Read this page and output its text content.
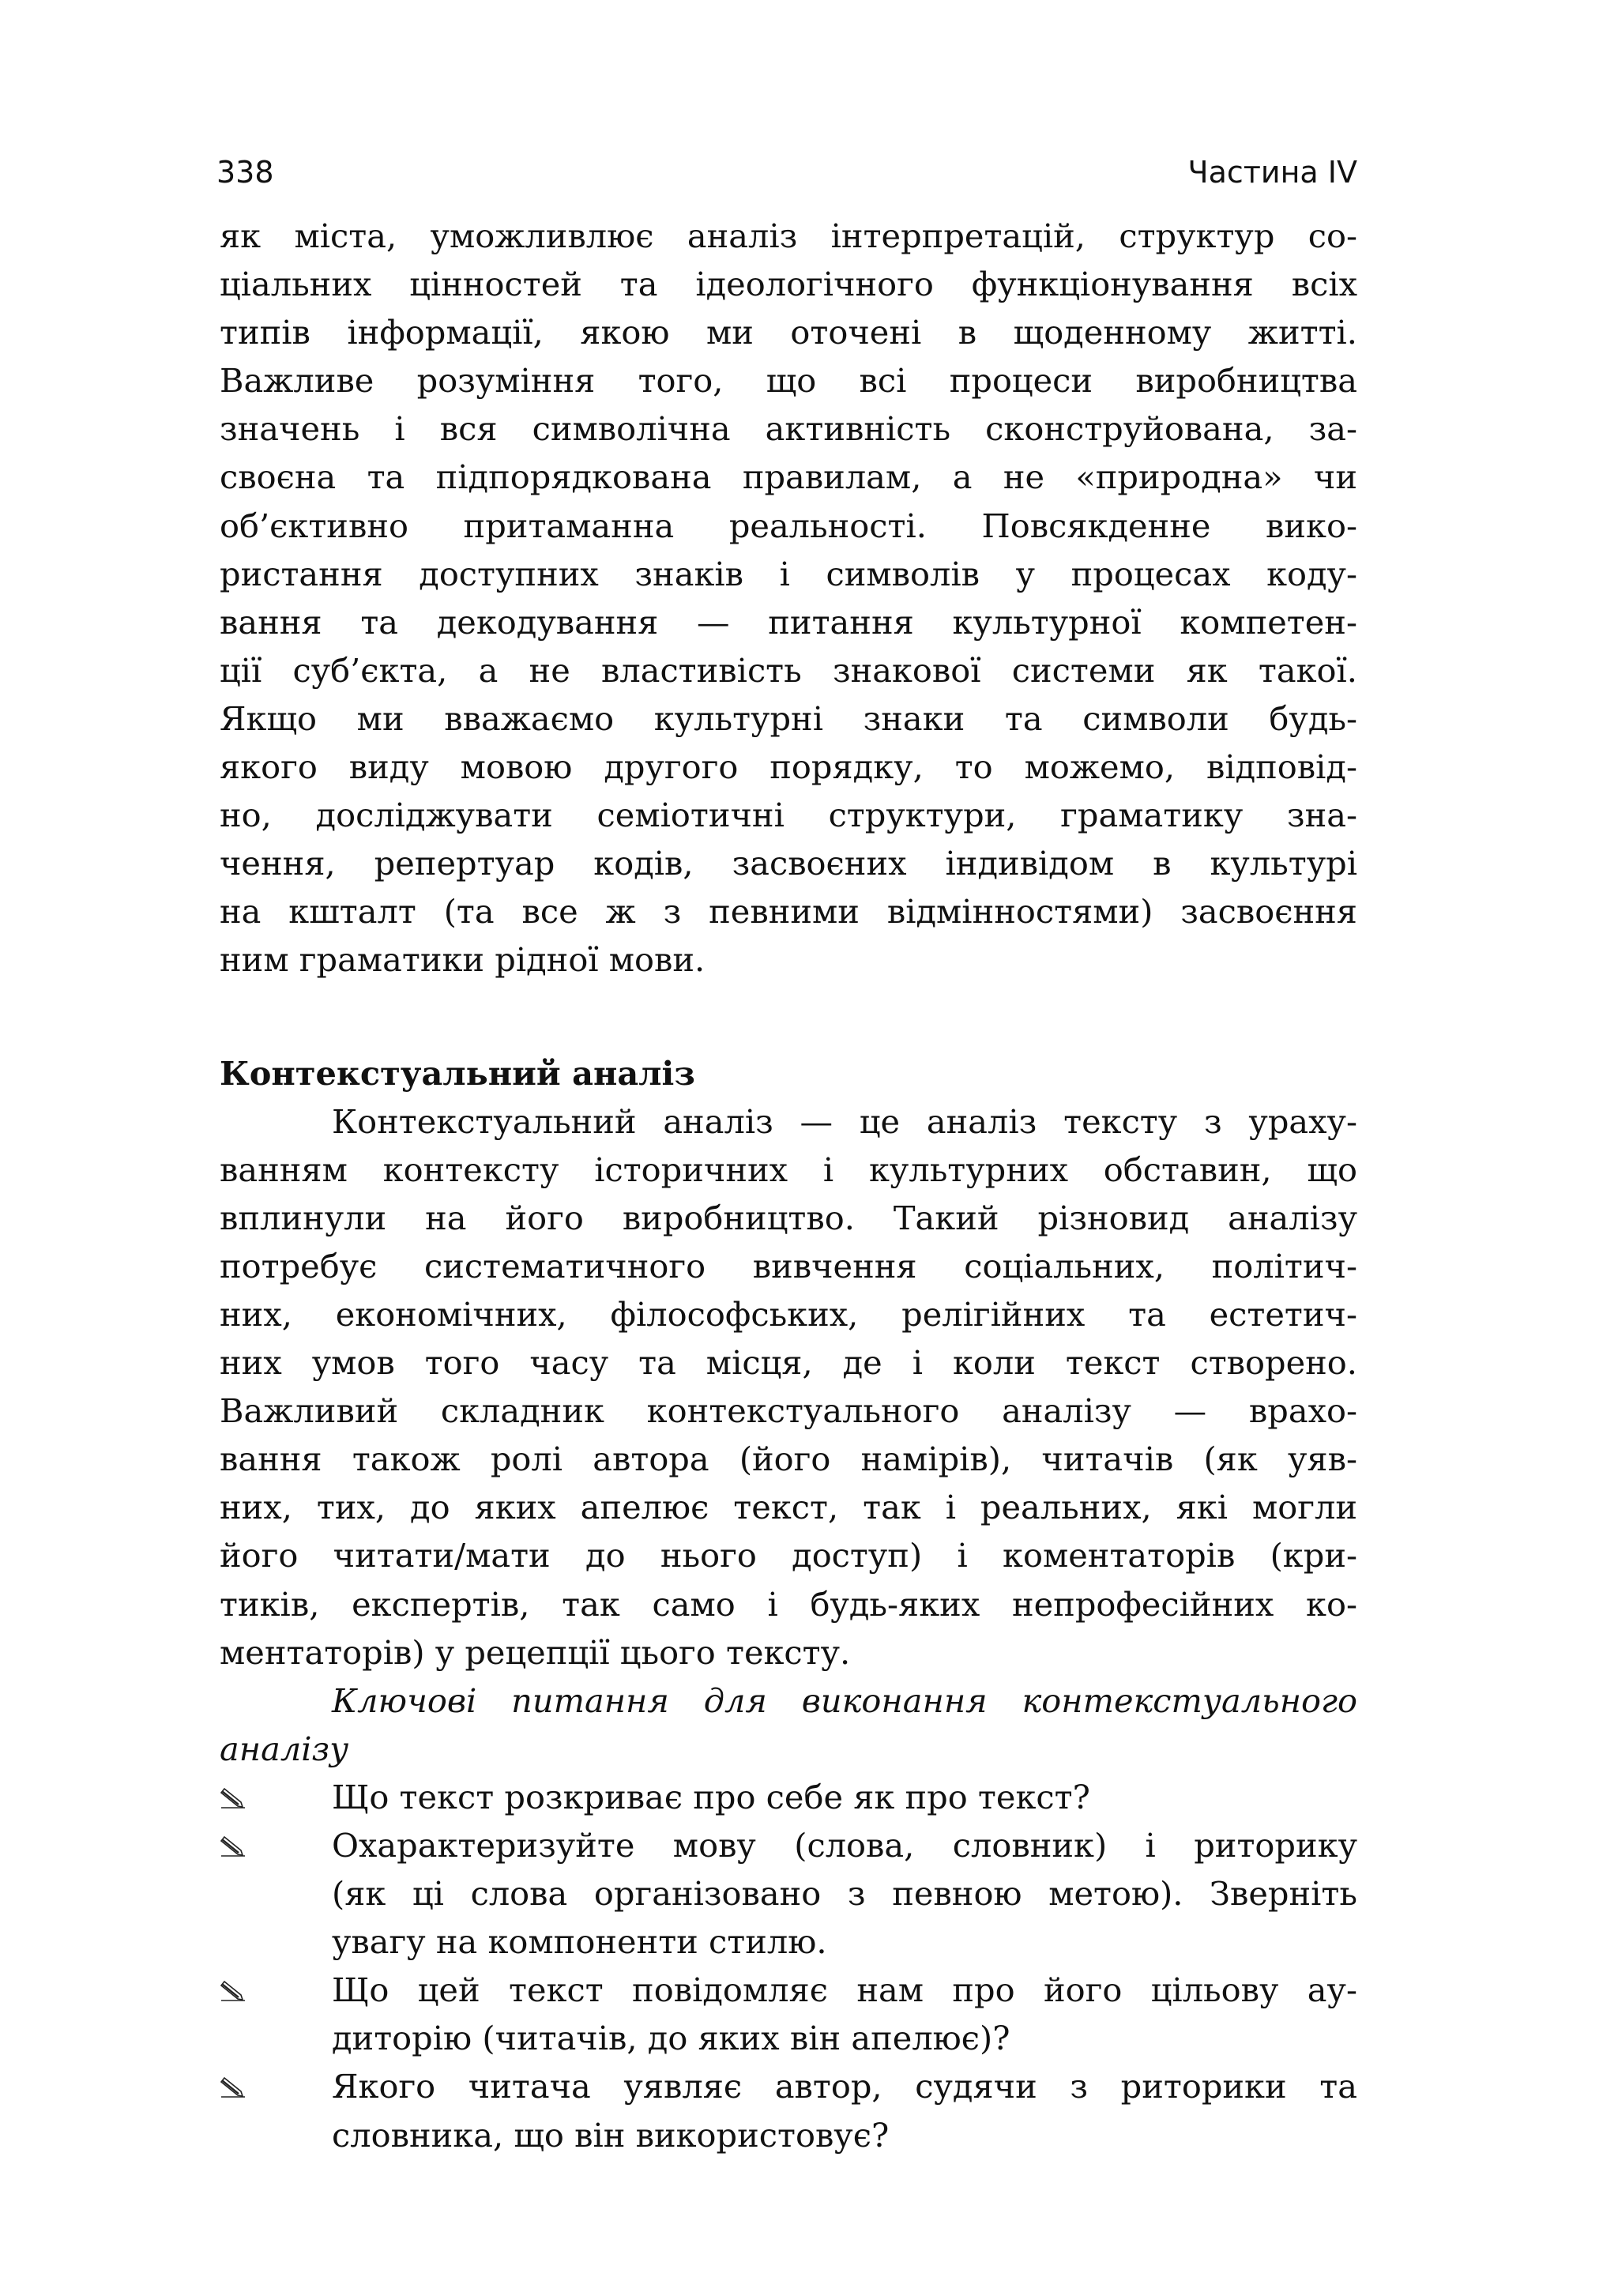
338	Частина IV
як міста, уможливлює аналіз інтерпретацій, структур со-
ціальних цінностей та ідеологічного функціонування всіх
типів інформації, якою ми оточені в щоденному житті.
Важливе розуміння того, що всі процеси виробництва
значень і вся символічна активність сконструйована, за-
своєна та підпорядкована правилам, а не «природна» чи
об’єктивно притаманна реальності. Повсякденне вико-
ристання доступних знаків і символів у процесах коду-
вання та декодування — питання культурної компетен-
ції суб’єкта, а не властивість знакової системи як такої.
Якщо ми вважаємо культурні знаки та символи будь-
якого виду мовою другого порядку, то можемо, відповід-
но, досліджувати семіотичні структури, граматику зна-
чення, репертуар кодів, засвоєних індивідом в культурі
на кшталт (та все ж з певними відмінностями) засвоєння
ним граматики рідної мови.
Контекстуальний аналіз
Контекстуальний аналіз — це аналіз тексту з ураху-
ванням контексту історичних і культурних обставин, що
вплинули на його виробництво. Такий різновид аналізу
потребує систематичного вивчення соціальних, політич-
них, економічних, філософських, релігійних та естетич-
них умов того часу та місця, де і коли текст створено.
Важливий складник контекстуального аналізу — врахо-
вання також ролі автора (його намірів), читачів (як уяв-
них, тих, до яких апелює текст, так і реальних, які могли
його читати/мати до нього доступ) і коментаторів (кри-
тиків, експертів, так само і будь-яких непрофесійних ко-
ментаторів) у рецепції цього тексту.
Ключові питання для виконання контекстуального
аналізу
Що текст розкриває про себе як про текст?
Охарактеризуйте мову (слова, словник) і риторику
(як ці слова організовано з певною метою). Зверніть
увагу на компоненти стилю.
Що цей текст повідомляє нам про його цільову ау-
диторію (читачів, до яких він апелює)?
Якого читача уявляє автор, судячи з риторики та
словника, що він використовує?
